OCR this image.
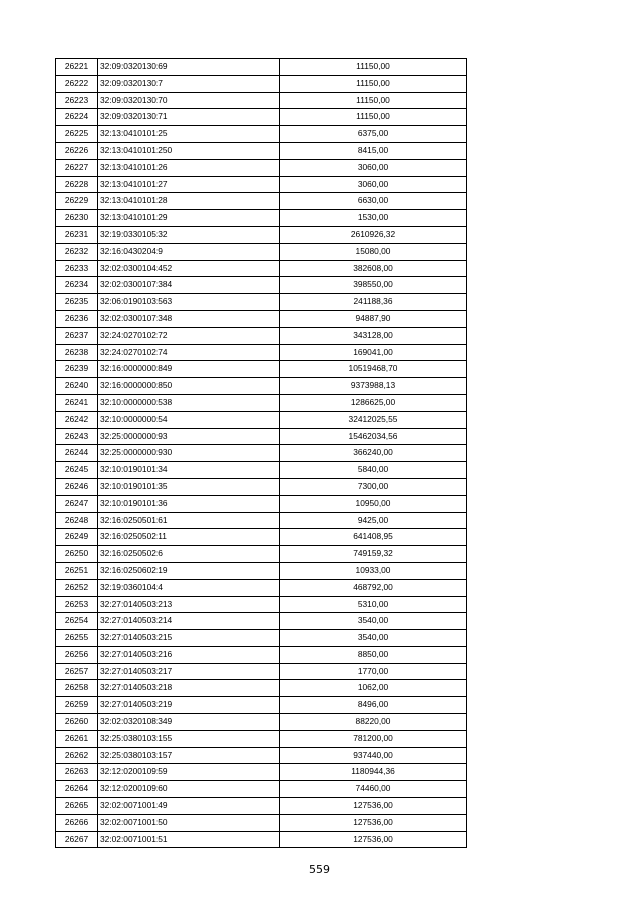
26221	32:09:0320130:69	11150,00
26222	32:09:0320130:7	11150,00
26223	32:09:0320130:70	11150,00
26224	32:09:0320130:71	11150,00
26225	32:13:0410101:25	6375,00
26226	32:13:0410101:250	8415,00
26227	32:13:0410101:26	3060,00
26228	32:13:0410101:27	3060,00
26229	32:13:0410101:28	6630,00
26230	32:13:0410101:29	1530,00
26231	32:19:0330105:32	2610926,32
26232	32:16:0430204:9	15080,00
26233	32:02:0300104:452	382608,00
26234	32:02:0300107:384	398550,00
26235	32:06:0190103:563	241188,36
26236	32:02:0300107:348	94887,90
26237	32:24:0270102:72	343128,00
26238	32:24:0270102:74	169041,00
26239	32:16:0000000:849	10519468,70
26240	32:16:0000000:850	9373988,13
26241	32:10:0000000:538	1286625,00
26242	32:10:0000000:54	32412025,55
26243	32:25:0000000:93	15462034,56
26244	32:25:0000000:930	366240,00
26245	32:10:0190101:34	5840,00
26246	32:10:0190101:35	7300,00
26247	32:10:0190101:36	10950,00
26248	32:16:0250501:61	9425,00
26249	32:16:0250502:11	641408,95
26250	32:16:0250502:6	749159,32
26251	32:16:0250602:19	10933,00
26252	32:19:0360104:4	468792,00
26253	32:27:0140503:213	5310,00
26254	32:27:0140503:214	3540,00
26255	32:27:0140503:215	3540,00
26256	32:27:0140503:216	8850,00
26257	32:27:0140503:217	1770,00
26258	32:27:0140503:218	1062,00
26259	32:27:0140503:219	8496,00
26260	32:02:0320108:349	88220,00
26261	32:25:0380103:155	781200,00
26262	32:25:0380103:157	937440,00
26263	32:12:0200109:59	1180944,36
26264	32:12:0200109:60	74460,00
26265	32:02:0071001:49	127536,00
26266	32:02:0071001:50	127536,00
26267	32:02:0071001:51	127536,00
559
